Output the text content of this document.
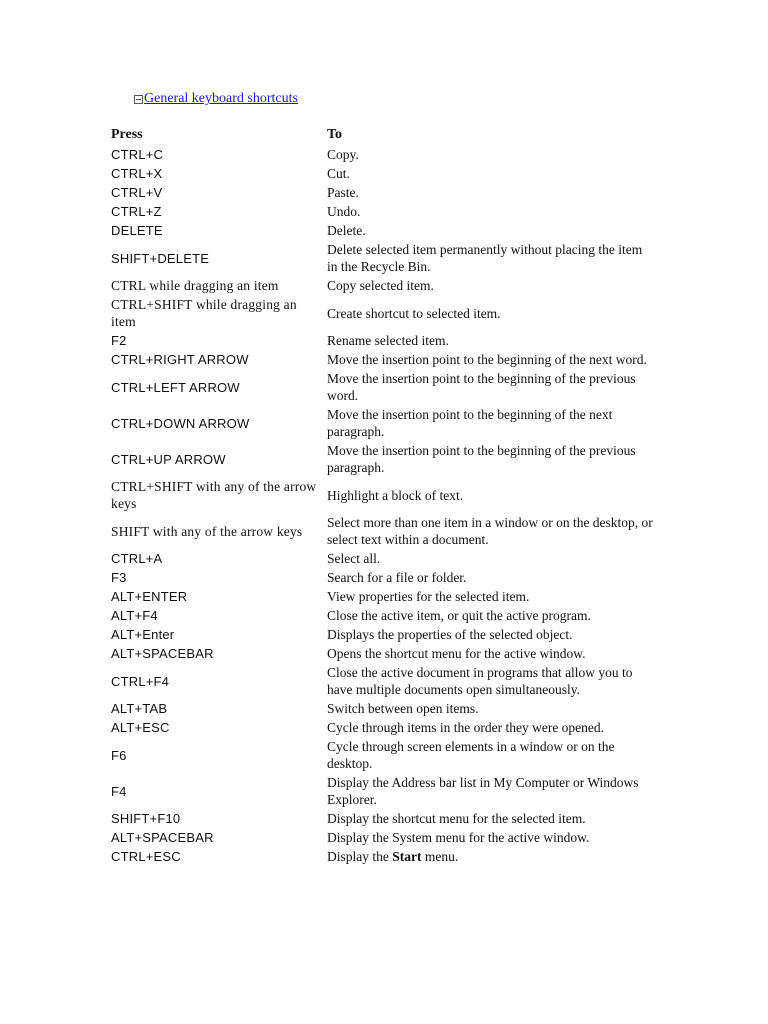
General keyboard shortcuts
Press	To
CTRL+C	Copy.
CTRL+X	Cut.
CTRL+V	Paste.
CTRL+Z	Undo.
DELETE	Delete.
SHIFT+DELETE	Delete selected item permanently without placing the item in the Recycle Bin.
CTRL while dragging an item	Copy selected item.
CTRL+SHIFT while dragging an item	Create shortcut to selected item.
F2	Rename selected item.
CTRL+RIGHT ARROW	Move the insertion point to the beginning of the next word.
CTRL+LEFT ARROW	Move the insertion point to the beginning of the previous word.
CTRL+DOWN ARROW	Move the insertion point to the beginning of the next paragraph.
CTRL+UP ARROW	Move the insertion point to the beginning of the previous paragraph.
CTRL+SHIFT with any of the arrow keys	Highlight a block of text.
SHIFT with any of the arrow keys	Select more than one item in a window or on the desktop, or select text within a document.
CTRL+A	Select all.
F3	Search for a file or folder.
ALT+ENTER	View properties for the selected item.
ALT+F4	Close the active item, or quit the active program.
ALT+Enter	Displays the properties of the selected object.
ALT+SPACEBAR	Opens the shortcut menu for the active window.
CTRL+F4	Close the active document in programs that allow you to have multiple documents open simultaneously.
ALT+TAB	Switch between open items.
ALT+ESC	Cycle through items in the order they were opened.
F6	Cycle through screen elements in a window or on the desktop.
F4	Display the Address bar list in My Computer or Windows Explorer.
SHIFT+F10	Display the shortcut menu for the selected item.
ALT+SPACEBAR	Display the System menu for the active window.
CTRL+ESC	Display the Start menu.
